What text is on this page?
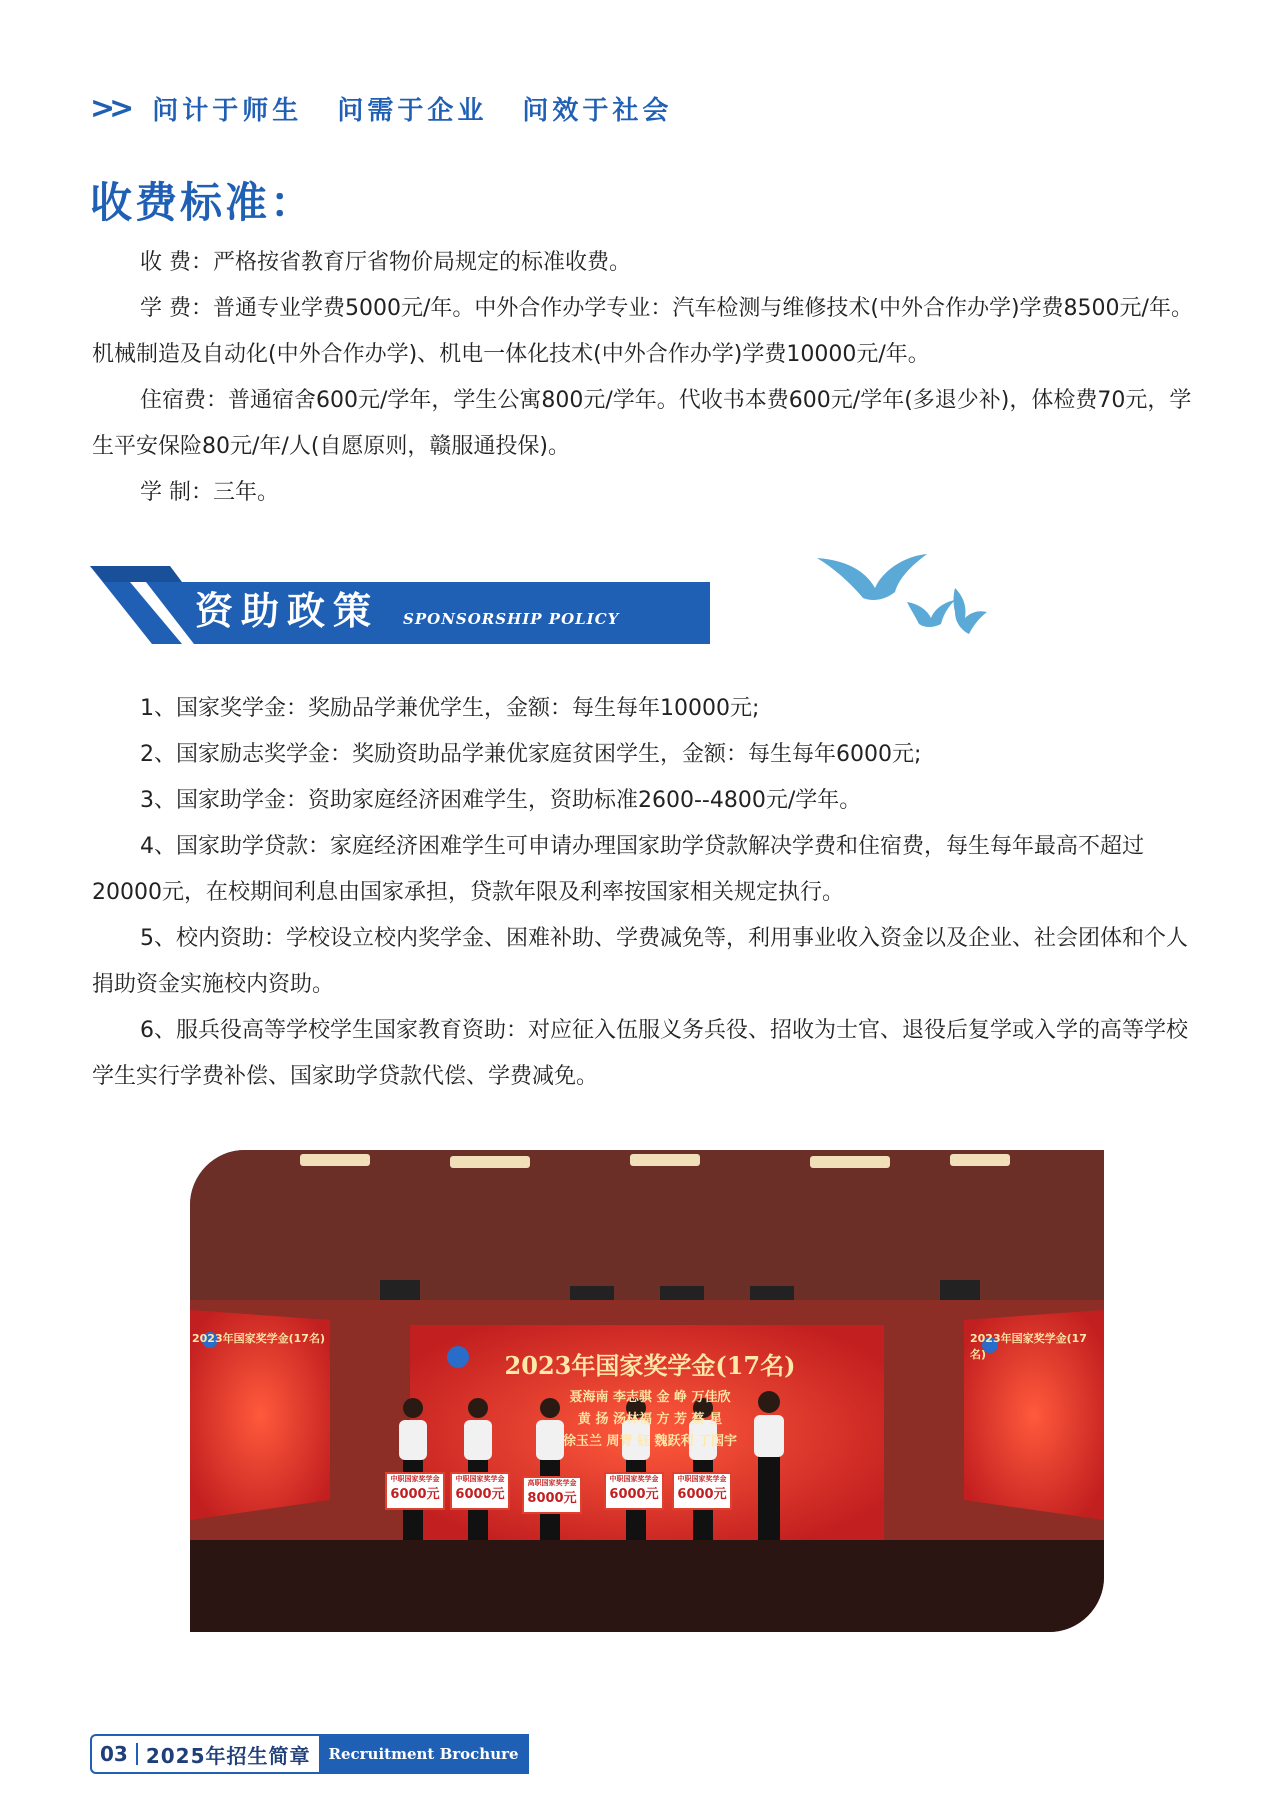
>> 问计于师生 问需于企业 问效于社会
收费标准：
收 费：严格按省教育厅省物价局规定的标准收费。
学 费：普通专业学费5000元/年。中外合作办学专业：汽车检测与维修技术(中外合作办学)学费8500元/年。机械制造及自动化(中外合作办学)、机电一体化技术(中外合作办学)学费10000元/年。
住宿费：普通宿舍600元/学年，学生公寓800元/学年。代收书本费600元/学年(多退少补)，体检费70元，学生平安保险80元/年/人(自愿原则，赣服通投保)。
学 制：三年。
资助政策 SPONSORSHIP POLICY
1、国家奖学金：奖励品学兼优学生，金额：每生每年10000元;
2、国家励志奖学金：奖励资助品学兼优家庭贫困学生，金额：每生每年6000元;
3、国家助学金：资助家庭经济困难学生，资助标准2600--4800元/学年。
4、国家助学贷款：家庭经济困难学生可申请办理国家助学贷款解决学费和住宿费，每生每年最高不超过 20000元，在校期间利息由国家承担，贷款年限及利率按国家相关规定执行。
5、校内资助：学校设立校内奖学金、困难补助、学费减免等，利用事业收入资金以及企业、社会团体和个人捐助资金实施校内资助。
6、服兵役高等学校学生国家教育资助：对应征入伍服义务兵役、招收为士官、退役后复学或入学的高等学校学生实行学费补偿、国家助学贷款代偿、学费减免。
2023年国家奖学金(17名)
聂海南 李志骐 金 峥 万佳欣
黄 扬 汤林福 方 芳 蔡 星
徐玉兰 周青 钰 魏跃利 丁国宇
2023年国家奖学金(17名)	2023年国家奖学金(17名)
中职国家奖学金
6000元
中职国家奖学金
6000元
高职国家奖学金
8000元
中职国家奖学金
6000元
中职国家奖学金
6000元
03 2025年招生简章	Recruitment Brochure
